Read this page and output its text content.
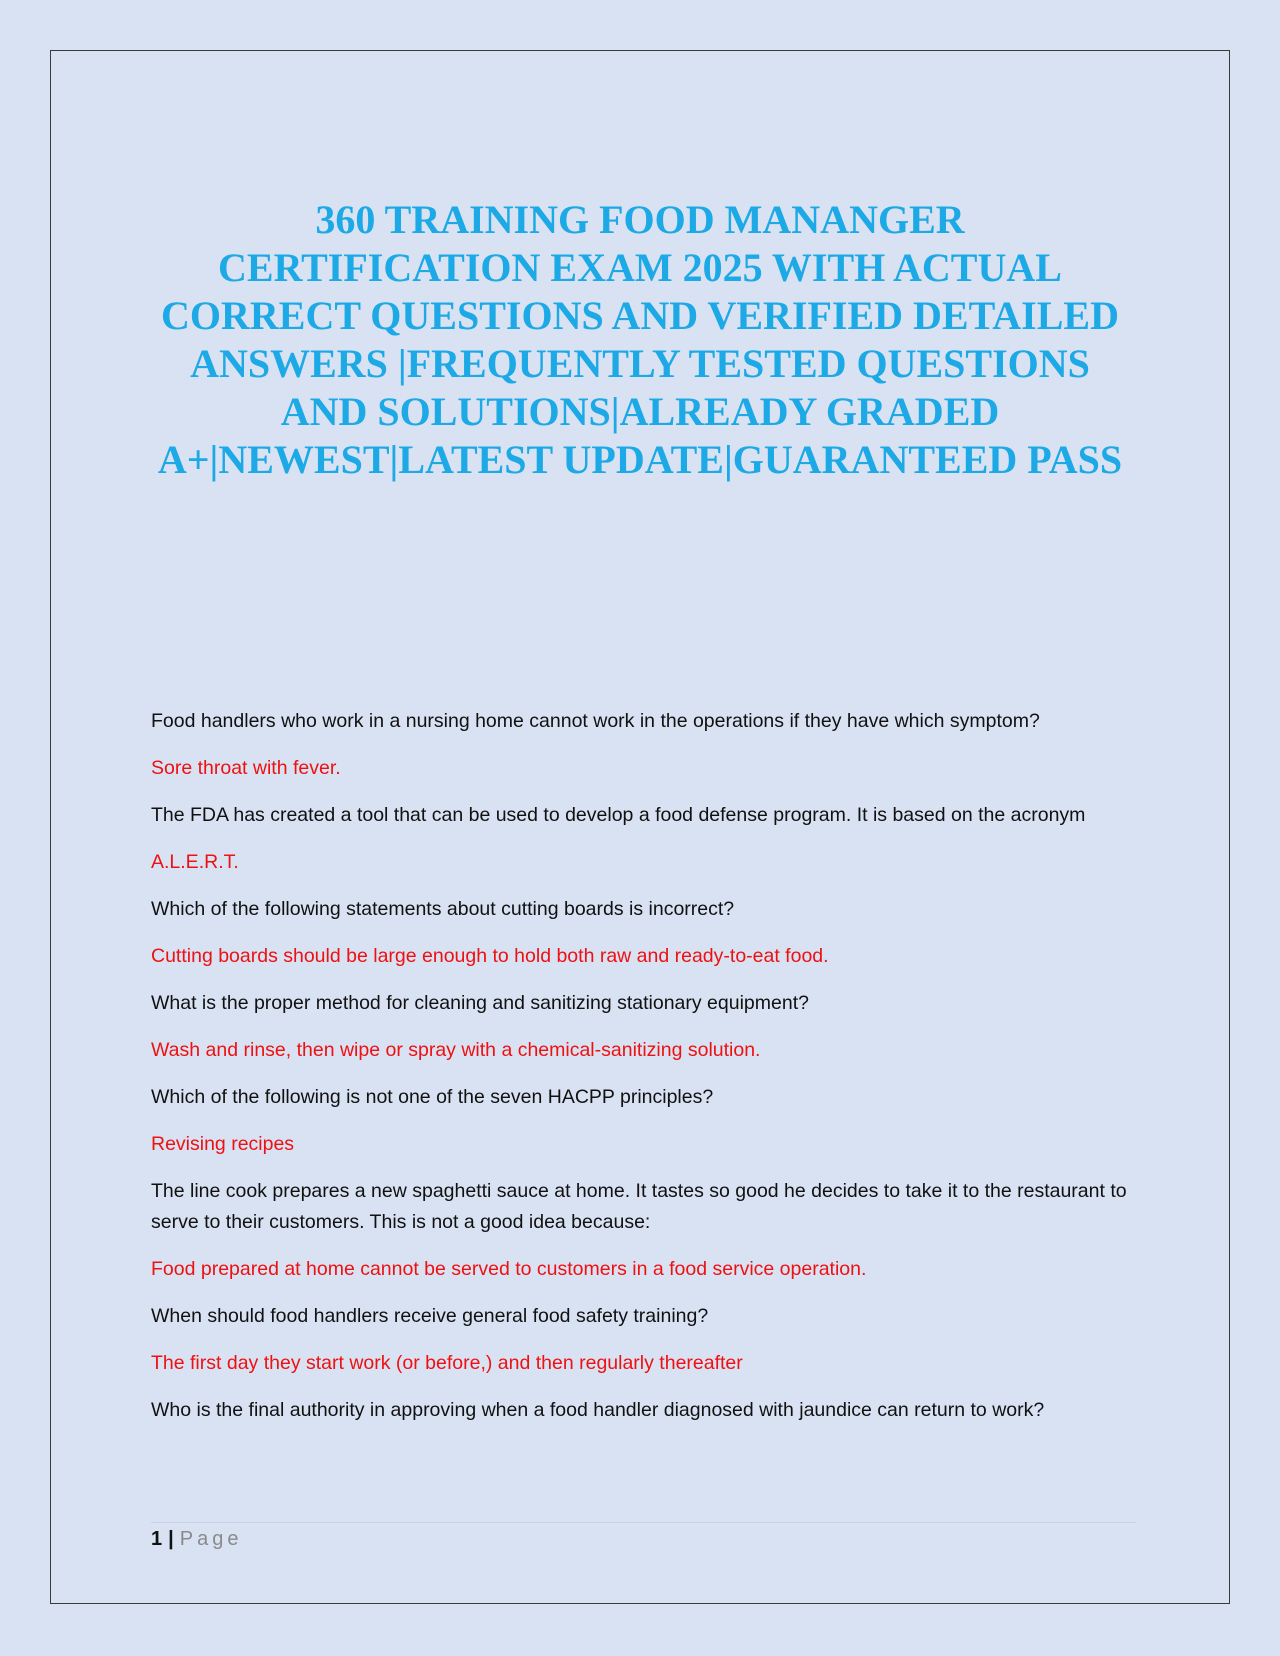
360 TRAINING FOOD MANANGER
CERTIFICATION EXAM 2025 WITH ACTUAL
CORRECT QUESTIONS AND VERIFIED DETAILED
ANSWERS |FREQUENTLY TESTED QUESTIONS
AND SOLUTIONS|ALREADY GRADED
A+|NEWEST|LATEST UPDATE|GUARANTEED PASS

Food handlers who work in a nursing home cannot work in the operations if they have which symptom?

Sore throat with fever.

The FDA has created a tool that can be used to develop a food defense program. It is based on the acronym

A.L.E.R.T.

Which of the following statements about cutting boards is incorrect?

Cutting boards should be large enough to hold both raw and ready-to-eat food.

What is the proper method for cleaning and sanitizing stationary equipment?

Wash and rinse, then wipe or spray with a chemical-sanitizing solution.

Which of the following is not one of the seven HACPP principles?

Revising recipes

The line cook prepares a new spaghetti sauce at home. It tastes so good he decides to take it to the restaurant to serve to their customers. This is not a good idea because:

Food prepared at home cannot be served to customers in a food service operation.

When should food handlers receive general food safety training?

The first day they start work (or before,) and then regularly thereafter

Who is the final authority in approving when a food handler diagnosed with jaundice can return to work?

1 | Page
